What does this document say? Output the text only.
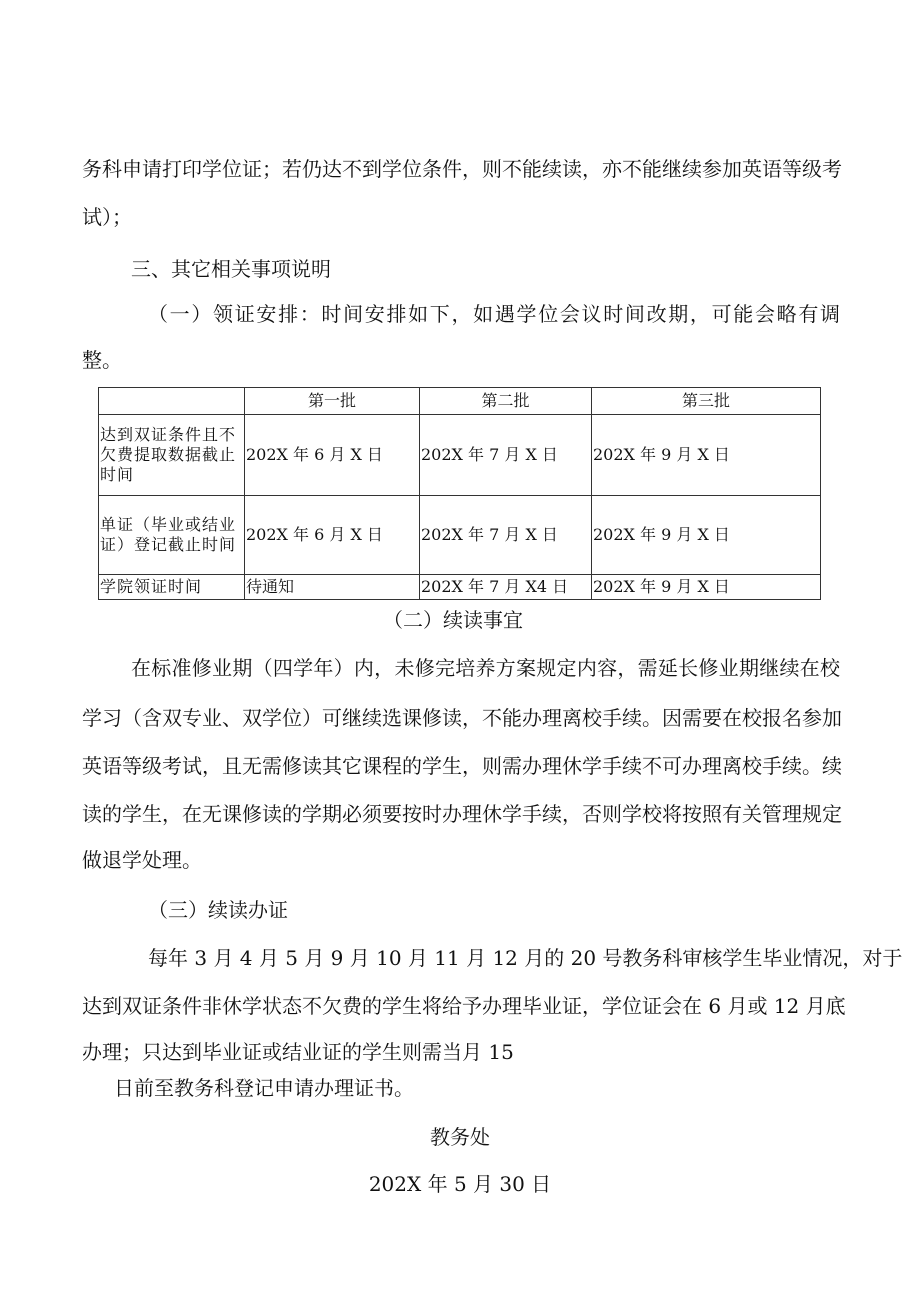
务科申请打印学位证；若仍达不到学位条件，则不能续读，亦不能继续参加英语等级考
试）；
三、其它相关事项说明
（一）领证安排：时间安排如下，如遇学位会议时间改期，可能会略有调
整。
	第一批	第二批	第三批
达到双证条件且不欠费提取数据截止时间	202X 年 6 月 X 日	202X 年 7 月 X 日	202X 年 9 月 X 日
单证（毕业或结业证）登记截止时间	202X 年 6 月 X 日	202X 年 7 月 X 日	202X 年 9 月 X 日
学院领证时间	待通知	202X 年 7 月 X4 日	202X 年 9 月 X 日
（二）续读事宜
在标准修业期（四学年）内，未修完培养方案规定内容，需延长修业期继续在校
学习（含双专业、双学位）可继续选课修读，不能办理离校手续。因需要在校报名参加
英语等级考试，且无需修读其它课程的学生，则需办理休学手续不可办理离校手续。续
读的学生，在无课修读的学期必须要按时办理休学手续，否则学校将按照有关管理规定
做退学处理。
（三）续读办证
每年 3 月 4 月 5 月 9 月 10 月 11 月 12 月的 20 号教务科审核学生毕业情况，对于
达到双证条件非休学状态不欠费的学生将给予办理毕业证，学位证会在 6 月或 12 月底
办理；只达到毕业证或结业证的学生则需当月 15
日前至教务科登记申请办理证书。
教务处
202X 年 5 月 30 日
